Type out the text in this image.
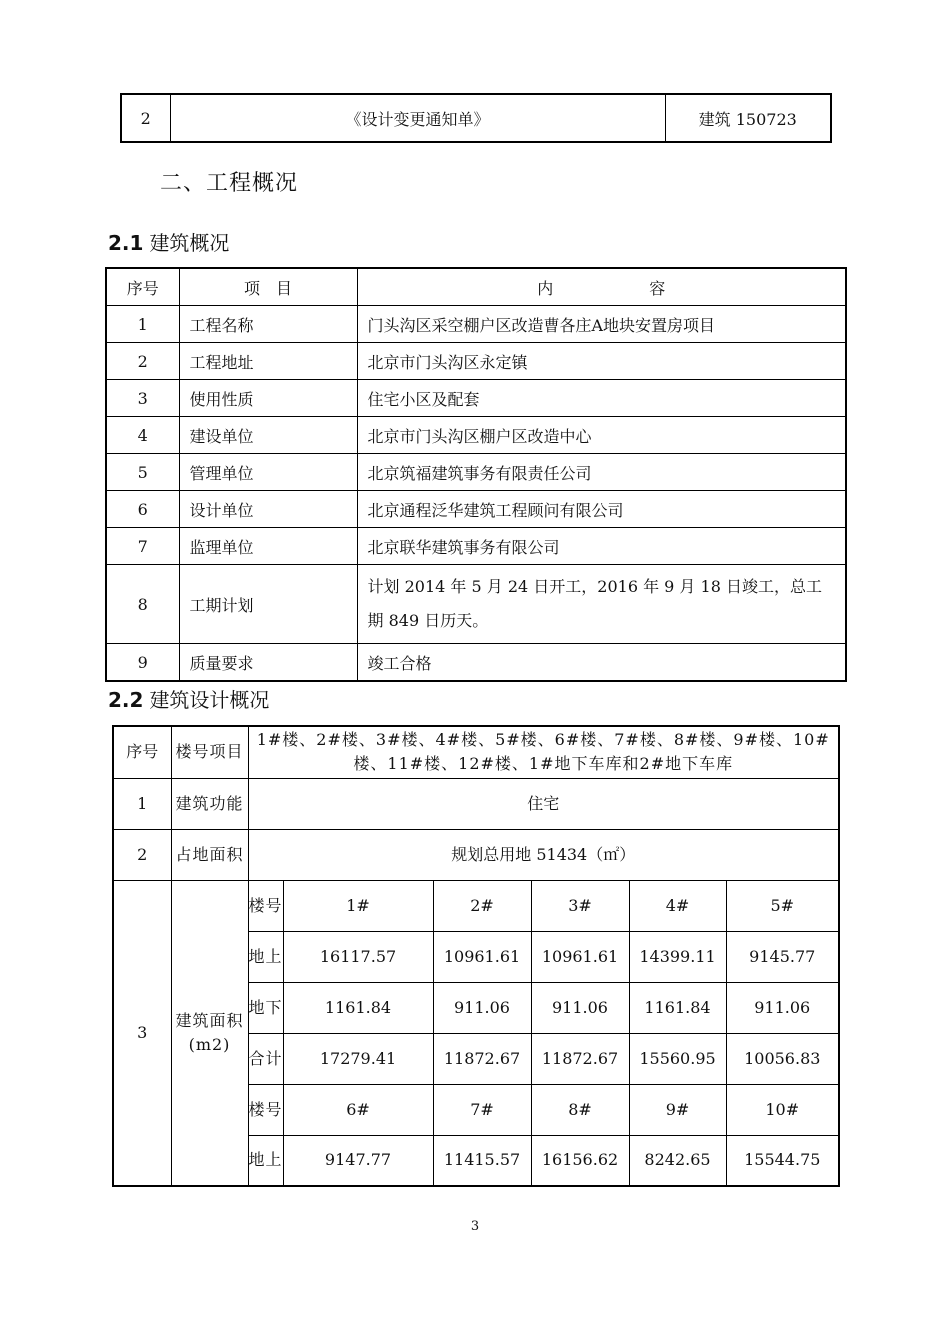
2	《设计变更通知单》	建筑 150723
二、工程概况
2.1 建筑概况
序号	项　目	内　　　　　　容
1	工程名称	门头沟区采空棚户区改造曹各庄A地块安置房项目
2	工程地址	北京市门头沟区永定镇
3	使用性质	住宅小区及配套
4	建设单位	北京市门头沟区棚户区改造中心
5	管理单位	北京筑福建筑事务有限责任公司
6	设计单位	北京通程泛华建筑工程顾问有限公司
7	监理单位	北京联华建筑事务有限公司
8	工期计划	计划 2014 年 5 月 24 日开工，2016 年 9 月 18 日竣工，总工期 849 日历天。
9	质量要求	竣工合格
2.2 建筑设计概况
序号	楼号项目	1#楼、2#楼、3#楼、4#楼、5#楼、6#楼、7#楼、8#楼、9#楼、10#楼、11#楼、12#楼、1#地下车库和2#地下车库					
1	建筑功能	住宅					
2	占地面积	规划总用地 51434（㎡）					
3	建筑面积(m2)	楼号	1#	2#	3#	4#	5#
		地上	16117.57	10961.61	10961.61	14399.11	9145.77
		地下	1161.84	911.06	911.06	1161.84	911.06
		合计	17279.41	11872.67	11872.67	15560.95	10056.83
		楼号	6#	7#	8#	9#	10#
		地上	9147.77	11415.57	16156.62	8242.65	15544.75
3
